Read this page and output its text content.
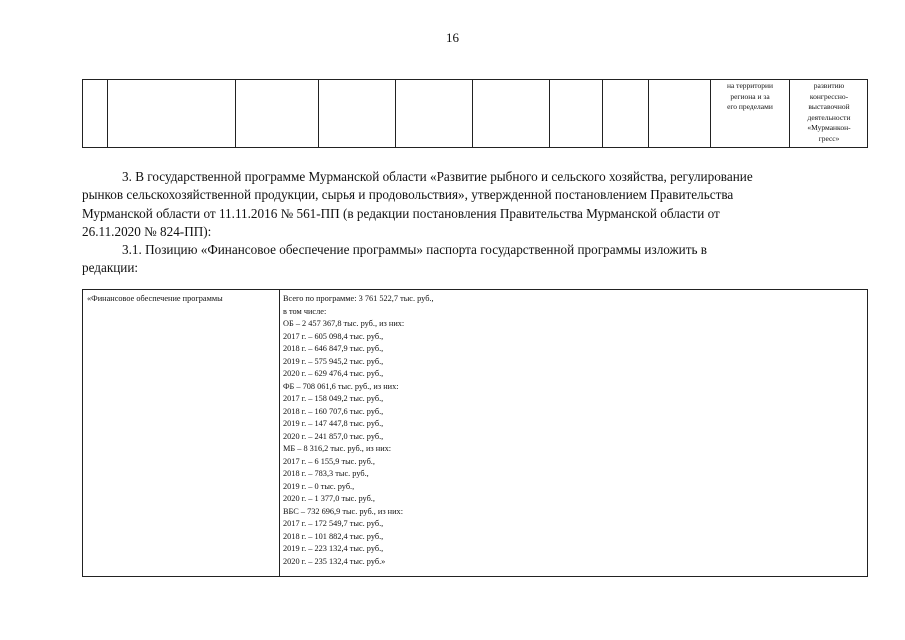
16
на территории
региона и за
его пределами
развитию
конгрессно-
выставочной
деятельности
«Мурманкон-
гресс»
3. В государственной программе Мурманской области «Развитие рыбного и сельского хозяйства, регулирование
рынков сельскохозяйственной продукции, сырья и продовольствия», утвержденной постановлением Правительства
Мурманской области от 11.11.2016 № 561-ПП (в редакции постановления Правительства Мурманской области от
26.11.2020 № 824-ПП):
3.1. Позицию «Финансовое обеспечение программы» паспорта государственной программы изложить в
редакции:
«Финансовое обеспечение программы	Всего по программе: 3 761 522,7 тыс. руб.,
в том числе:
ОБ – 2 457 367,8 тыс. руб., из них:
2017 г. – 605 098,4 тыс. руб.,
2018 г. – 646 847,9 тыс. руб.,
2019 г. – 575 945,2 тыс. руб.,
2020 г. – 629 476,4 тыс. руб.,
ФБ – 708 061,6 тыс. руб., из них:
2017 г. – 158 049,2 тыс. руб.,
2018 г. – 160 707,6 тыс. руб.,
2019 г. – 147 447,8 тыс. руб.,
2020 г. – 241 857,0 тыс. руб.,
МБ – 8 316,2 тыс. руб., из них:
2017 г. – 6 155,9 тыс. руб.,
2018 г. – 783,3 тыс. руб.,
2019 г. – 0 тыс. руб.,
2020 г. – 1 377,0 тыс. руб.,
ВБС – 732 696,9 тыс. руб., из них:
2017 г. – 172 549,7 тыс. руб.,
2018 г. – 101 882,4 тыс. руб.,
2019 г. – 223 132,4 тыс. руб.,
2020 г. – 235 132,4 тыс. руб.»
